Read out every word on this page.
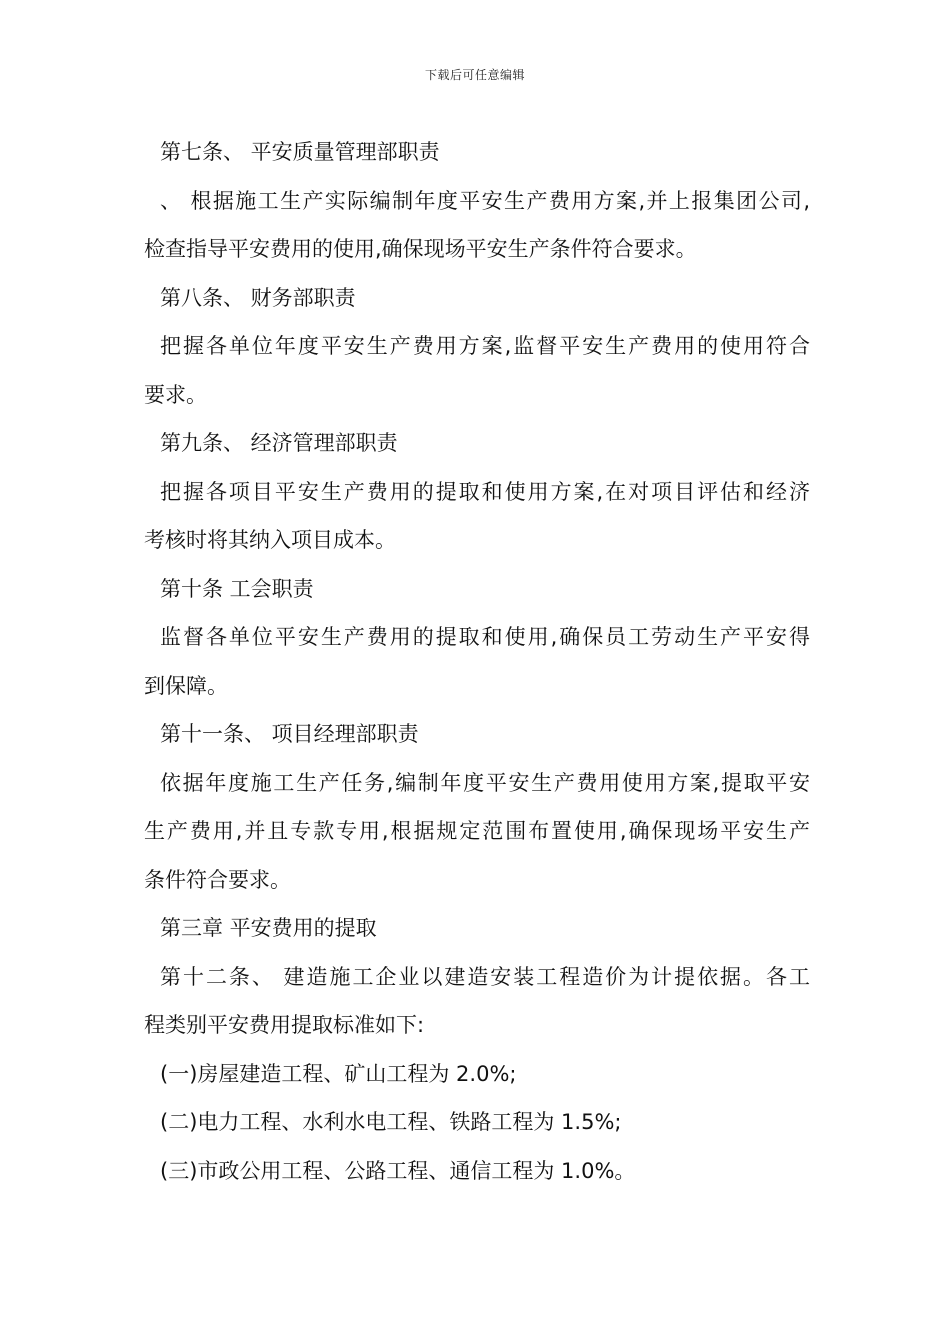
下载后可任意编辑
第七条、 平安质量管理部职责
、 根据施工生产实际编制年度平安生产费用方案,并上报集团公司,
检查指导平安费用的使用,确保现场平安生产条件符合要求。
第八条、 财务部职责
把握各单位年度平安生产费用方案,监督平安生产费用的使用符合
要求。
第九条、 经济管理部职责
把握各项目平安生产费用的提取和使用方案,在对项目评估和经济
考核时将其纳入项目成本。
第十条 工会职责
监督各单位平安生产费用的提取和使用,确保员工劳动生产平安得
到保障。
第十一条、 项目经理部职责
依据年度施工生产任务,编制年度平安生产费用使用方案,提取平安
生产费用,并且专款专用,根据规定范围布置使用,确保现场平安生产
条件符合要求。
第三章 平安费用的提取
第十二条、 建造施工企业以建造安装工程造价为计提依据。各工
程类别平安费用提取标准如下:
(一)房屋建造工程、矿山工程为 2.0%;
(二)电力工程、水利水电工程、铁路工程为 1.5%;
(三)市政公用工程、公路工程、通信工程为 1.0%。
